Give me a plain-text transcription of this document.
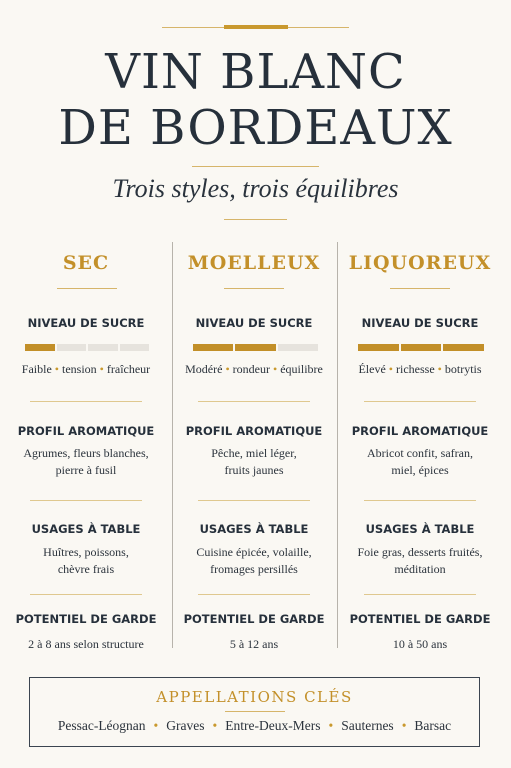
VIN BLANC
DE BORDEAUX
Trois styles, trois équilibres
SEC
NIVEAU DE SUCRE
Faible • tension • fraîcheur
PROFIL AROMATIQUE
Agrumes, fleurs blanches,
pierre à fusil
USAGES À TABLE
Huîtres, poissons,
chèvre frais
POTENTIEL DE GARDE
2 à 8 ans selon structure
MOELLEUX
NIVEAU DE SUCRE
Modéré • rondeur • équilibre
PROFIL AROMATIQUE
Pêche, miel léger,
fruits jaunes
USAGES À TABLE
Cuisine épicée, volaille,
fromages persillés
POTENTIEL DE GARDE
5 à 12 ans
LIQUOREUX
NIVEAU DE SUCRE
Élevé • richesse • botrytis
PROFIL AROMATIQUE
Abricot confit, safran,
miel, épices
USAGES À TABLE
Foie gras, desserts fruités,
méditation
POTENTIEL DE GARDE
10 à 50 ans
APPELLATIONS CLÉS
Pessac-Léognan • Graves • Entre-Deux-Mers • Sauternes • Barsac
